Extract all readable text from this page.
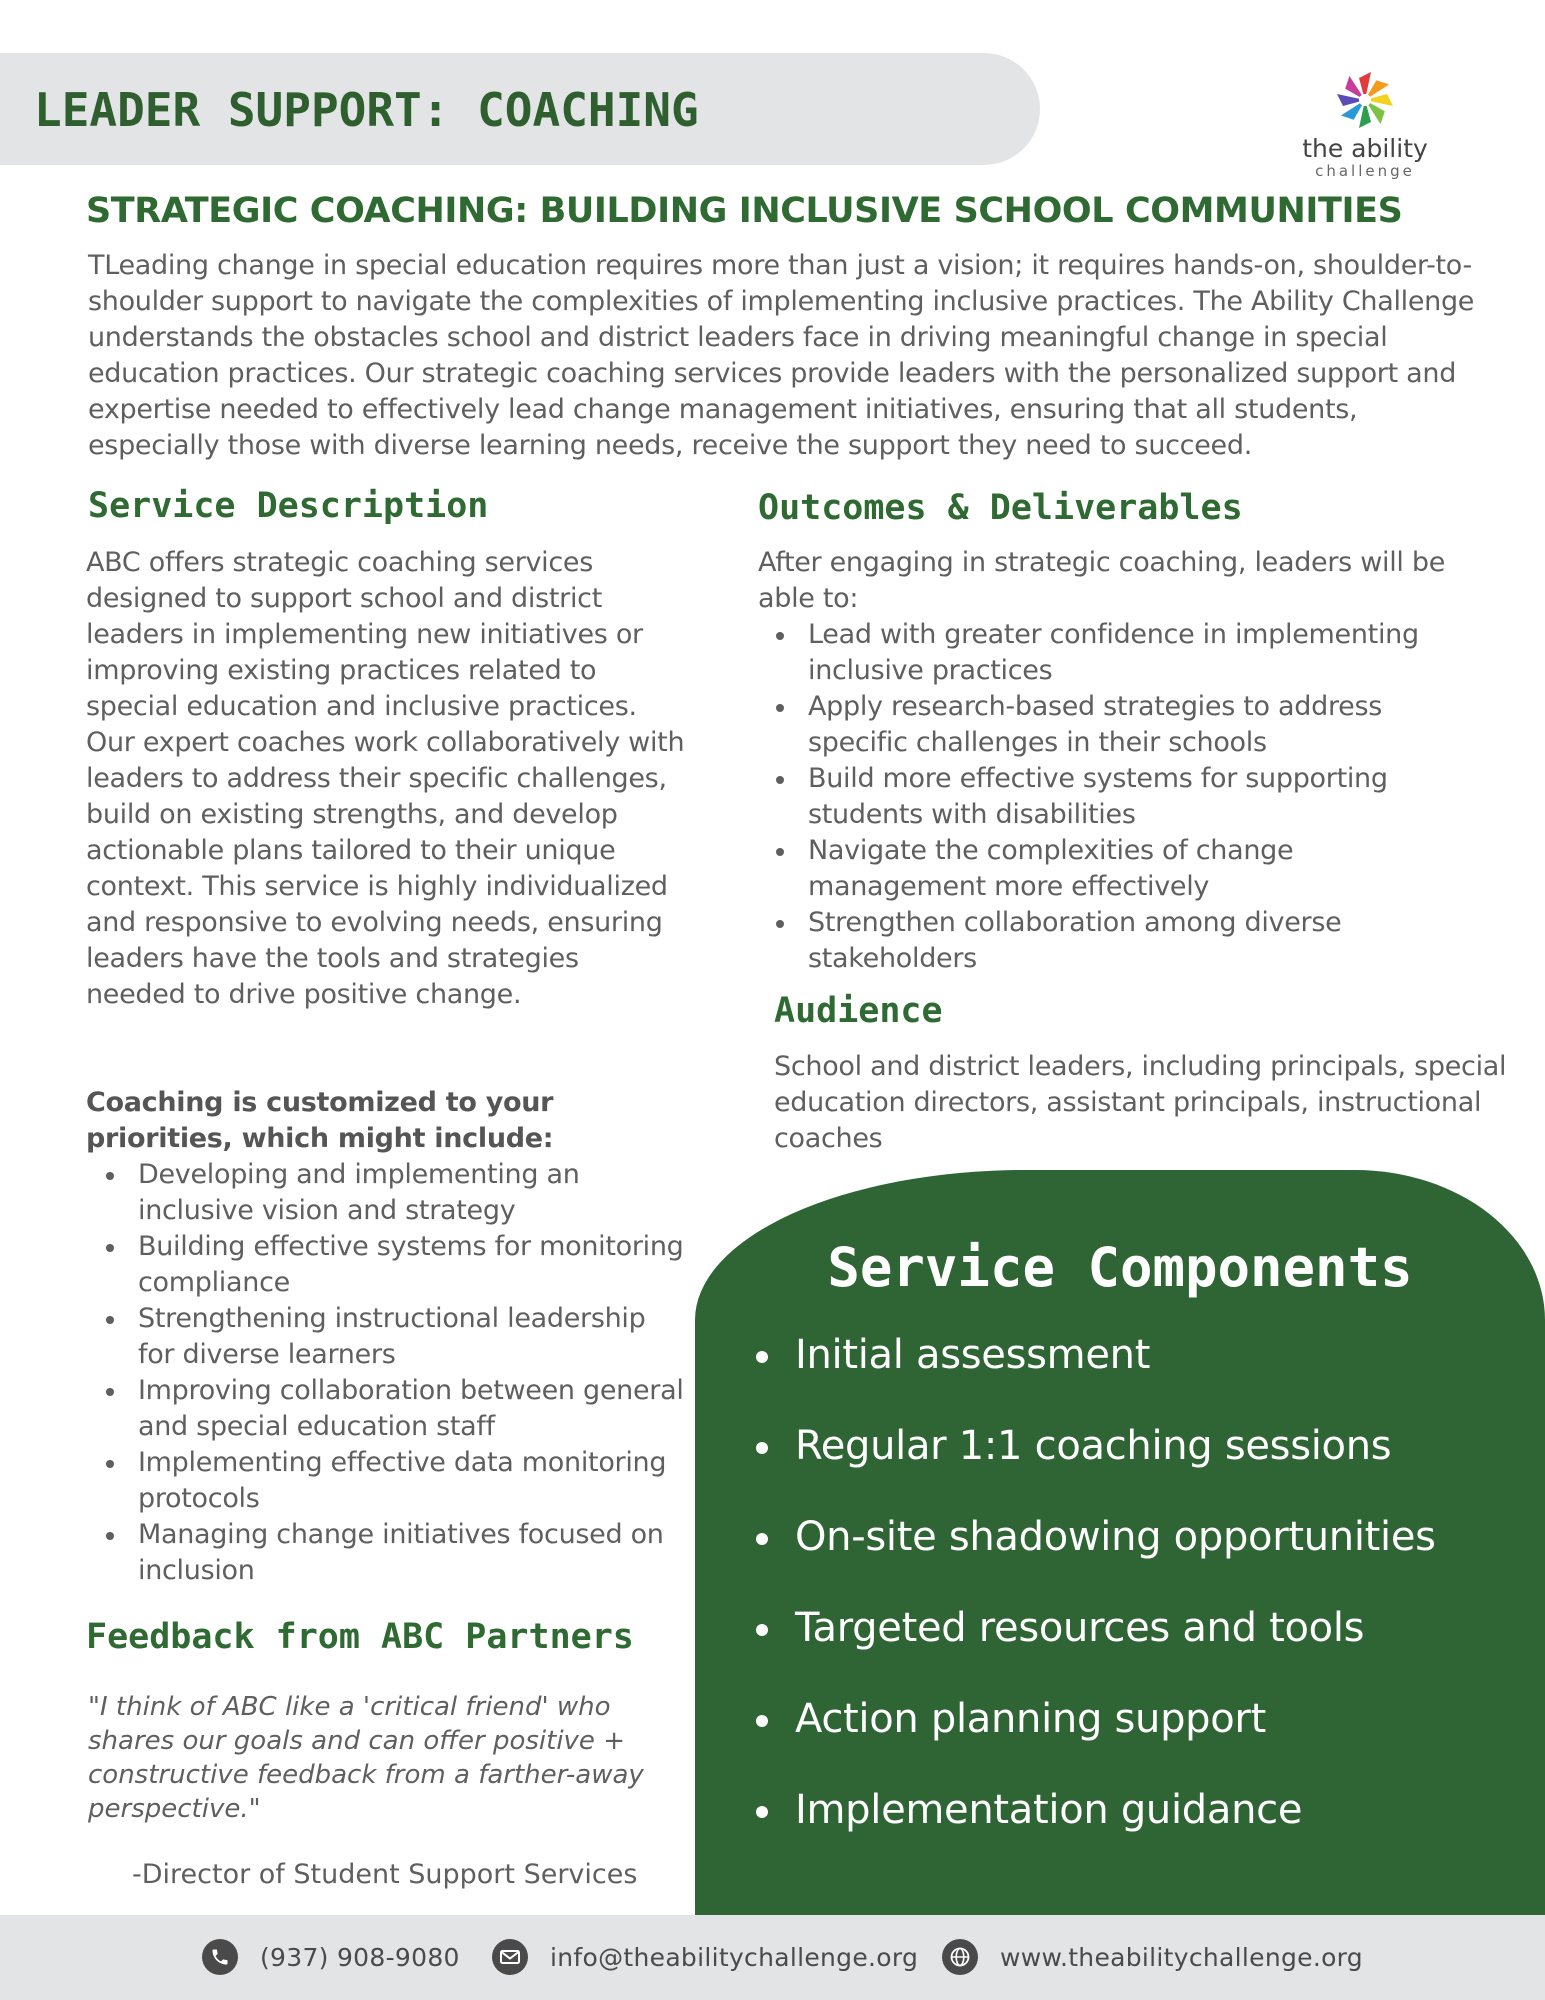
LEADER SUPPORT: COACHING
the ability
challenge
STRATEGIC COACHING: BUILDING INCLUSIVE SCHOOL COMMUNITIES

TLeading change in special education requires more than just a vision; it requires hands-on, shoulder-to-shoulder support to navigate the complexities of implementing inclusive practices. The Ability Challenge understands the obstacles school and district leaders face in driving meaningful change in special education practices. Our strategic coaching services provide leaders with the personalized support and expertise needed to effectively lead change management initiatives, ensuring that all students, especially those with diverse learning needs, receive the support they need to succeed.

Service Description

ABC offers strategic coaching services designed to support school and district leaders in implementing new initiatives or improving existing practices related to special education and inclusive practices. Our expert coaches work collaboratively with leaders to address their specific challenges, build on existing strengths, and develop actionable plans tailored to their unique context. This service is highly individualized and responsive to evolving needs, ensuring leaders have the tools and strategies needed to drive positive change.

Coaching is customized to your priorities, which might include:

Developing and implementing an inclusive vision and strategy
Building effective systems for monitoring compliance
Strengthening instructional leadership for diverse learners
Improving collaboration between general and special education staff
Implementing effective data monitoring protocols
Managing change initiatives focused on inclusion
Feedback from ABC Partners

"I think of ABC like a 'critical friend' who shares our goals and can offer positive + constructive feedback from a farther-away perspective."

-Director of Student Support Services

Outcomes & Deliverables

After engaging in strategic coaching, leaders will be able to:

Lead with greater confidence in implementing inclusive practices
Apply research-based strategies to address specific challenges in their schools
Build more effective systems for supporting students with disabilities
Navigate the complexities of change management more effectively
Strengthen collaboration among diverse stakeholders
Audience

School and district leaders, including principals, special education directors, assistant principals, instructional coaches

Service Components
Initial assessment
Regular 1:1 coaching sessions
On-site shadowing opportunities
Targeted resources and tools
Action planning support
Implementation guidance
(937) 908-9080	info@theabilitychallenge.org	www.theabilitychallenge.org
